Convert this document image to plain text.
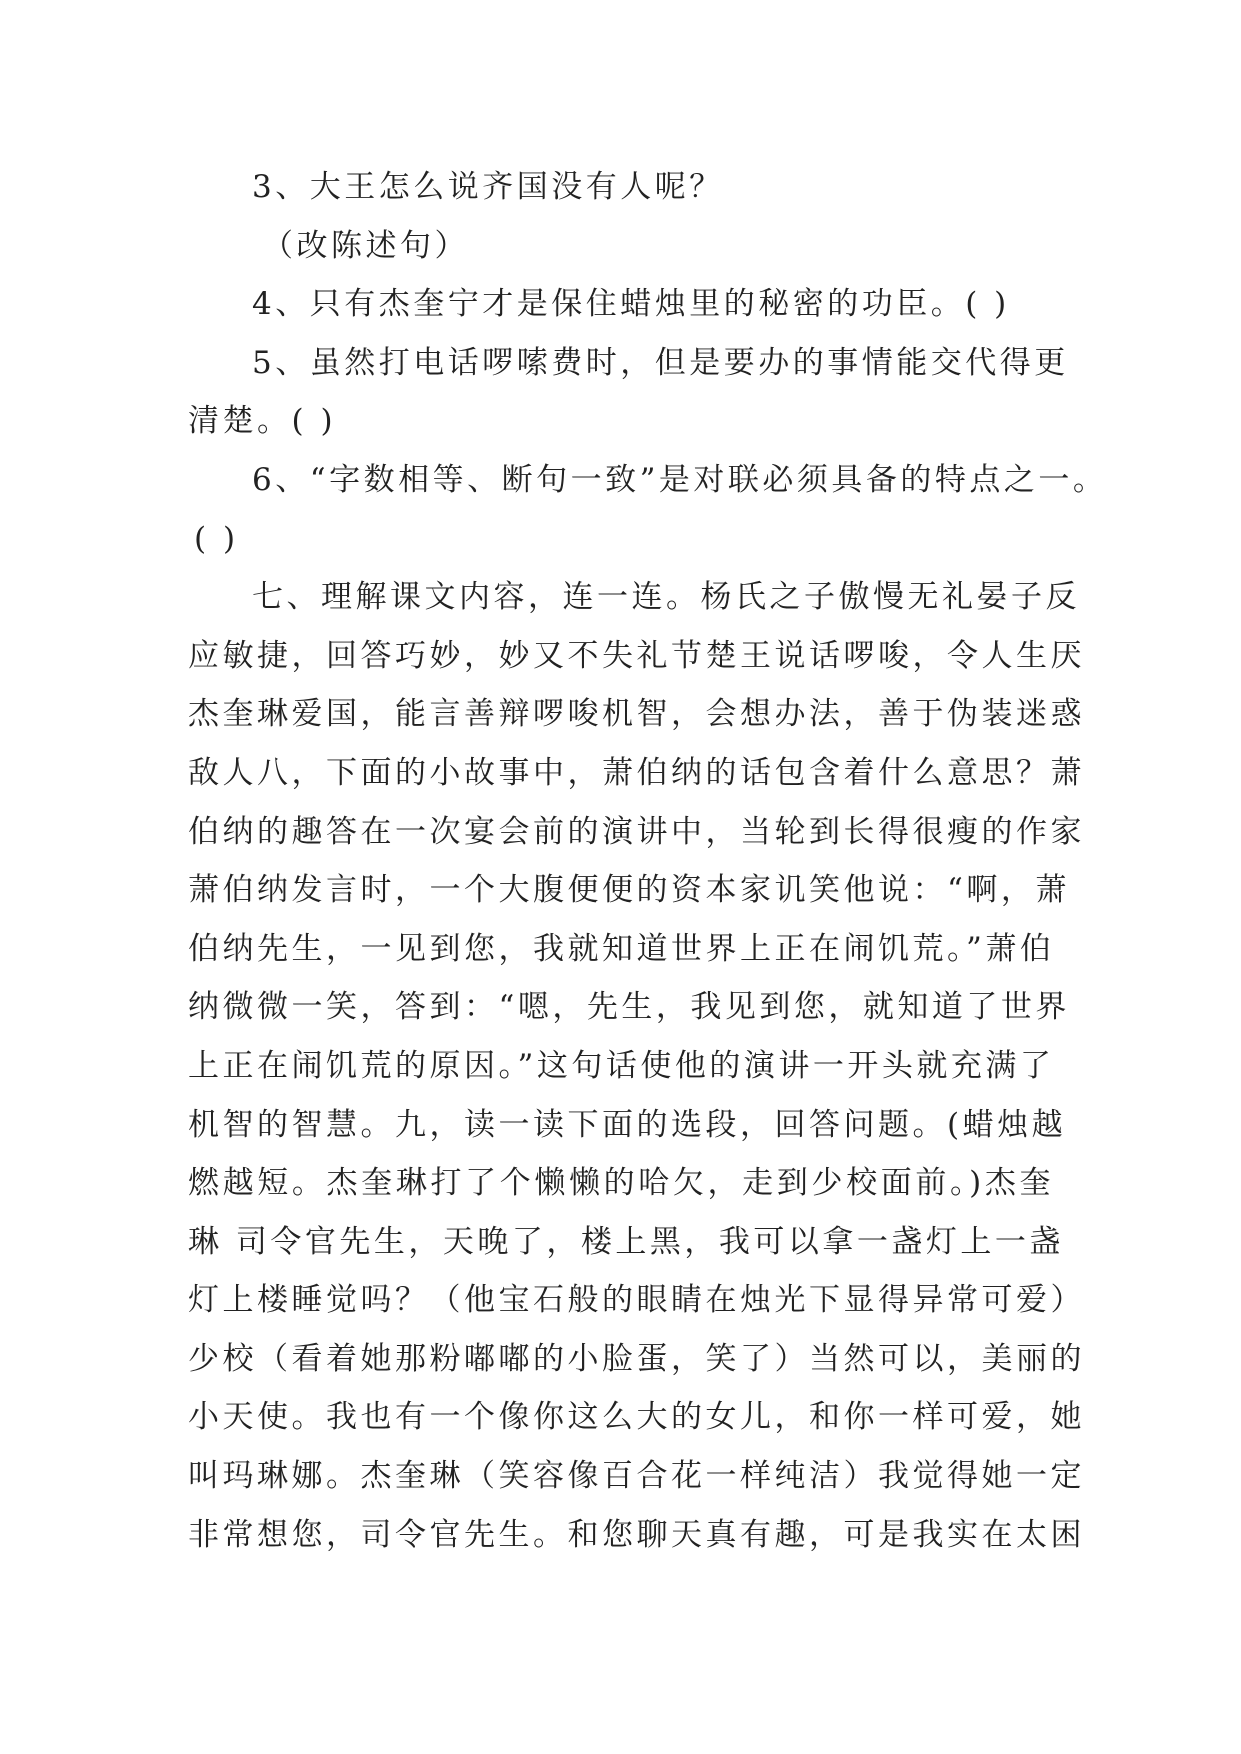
3、大王怎么说齐国没有人呢？
（改陈述句）
4、只有杰奎宁才是保住蜡烛里的秘密的功臣。( )
5、虽然打电话啰嗦费时，但是要办的事情能交代得更
清楚。( )
6、“字数相等、断句一致”是对联必须具备的特点之一。
( )
七、理解课文内容，连一连。杨氏之子傲慢无礼晏子反
应敏捷，回答巧妙，妙又不失礼节楚王说话啰唆，令人生厌
杰奎琳爱国，能言善辩啰唆机智，会想办法，善于伪装迷惑
敌人八，下面的小故事中，萧伯纳的话包含着什么意思？萧
伯纳的趣答在一次宴会前的演讲中，当轮到长得很瘦的作家
萧伯纳发言时，一个大腹便便的资本家讥笑他说：“啊，萧
伯纳先生，一见到您，我就知道世界上正在闹饥荒。”萧伯
纳微微一笑，答到：“嗯，先生，我见到您，就知道了世界
上正在闹饥荒的原因。”这句话使他的演讲一开头就充满了
机智的智慧。九，读一读下面的选段，回答问题。(蜡烛越
燃越短。杰奎琳打了个懒懒的哈欠，走到少校面前。)杰奎
琳 司令官先生，天晚了，楼上黑，我可以拿一盏灯上一盏
灯上楼睡觉吗？（他宝石般的眼睛在烛光下显得异常可爱）
少校（看着她那粉嘟嘟的小脸蛋，笑了）当然可以，美丽的
小天使。我也有一个像你这么大的女儿，和你一样可爱，她
叫玛琳娜。杰奎琳（笑容像百合花一样纯洁）我觉得她一定
非常想您，司令官先生。和您聊天真有趣，可是我实在太困
